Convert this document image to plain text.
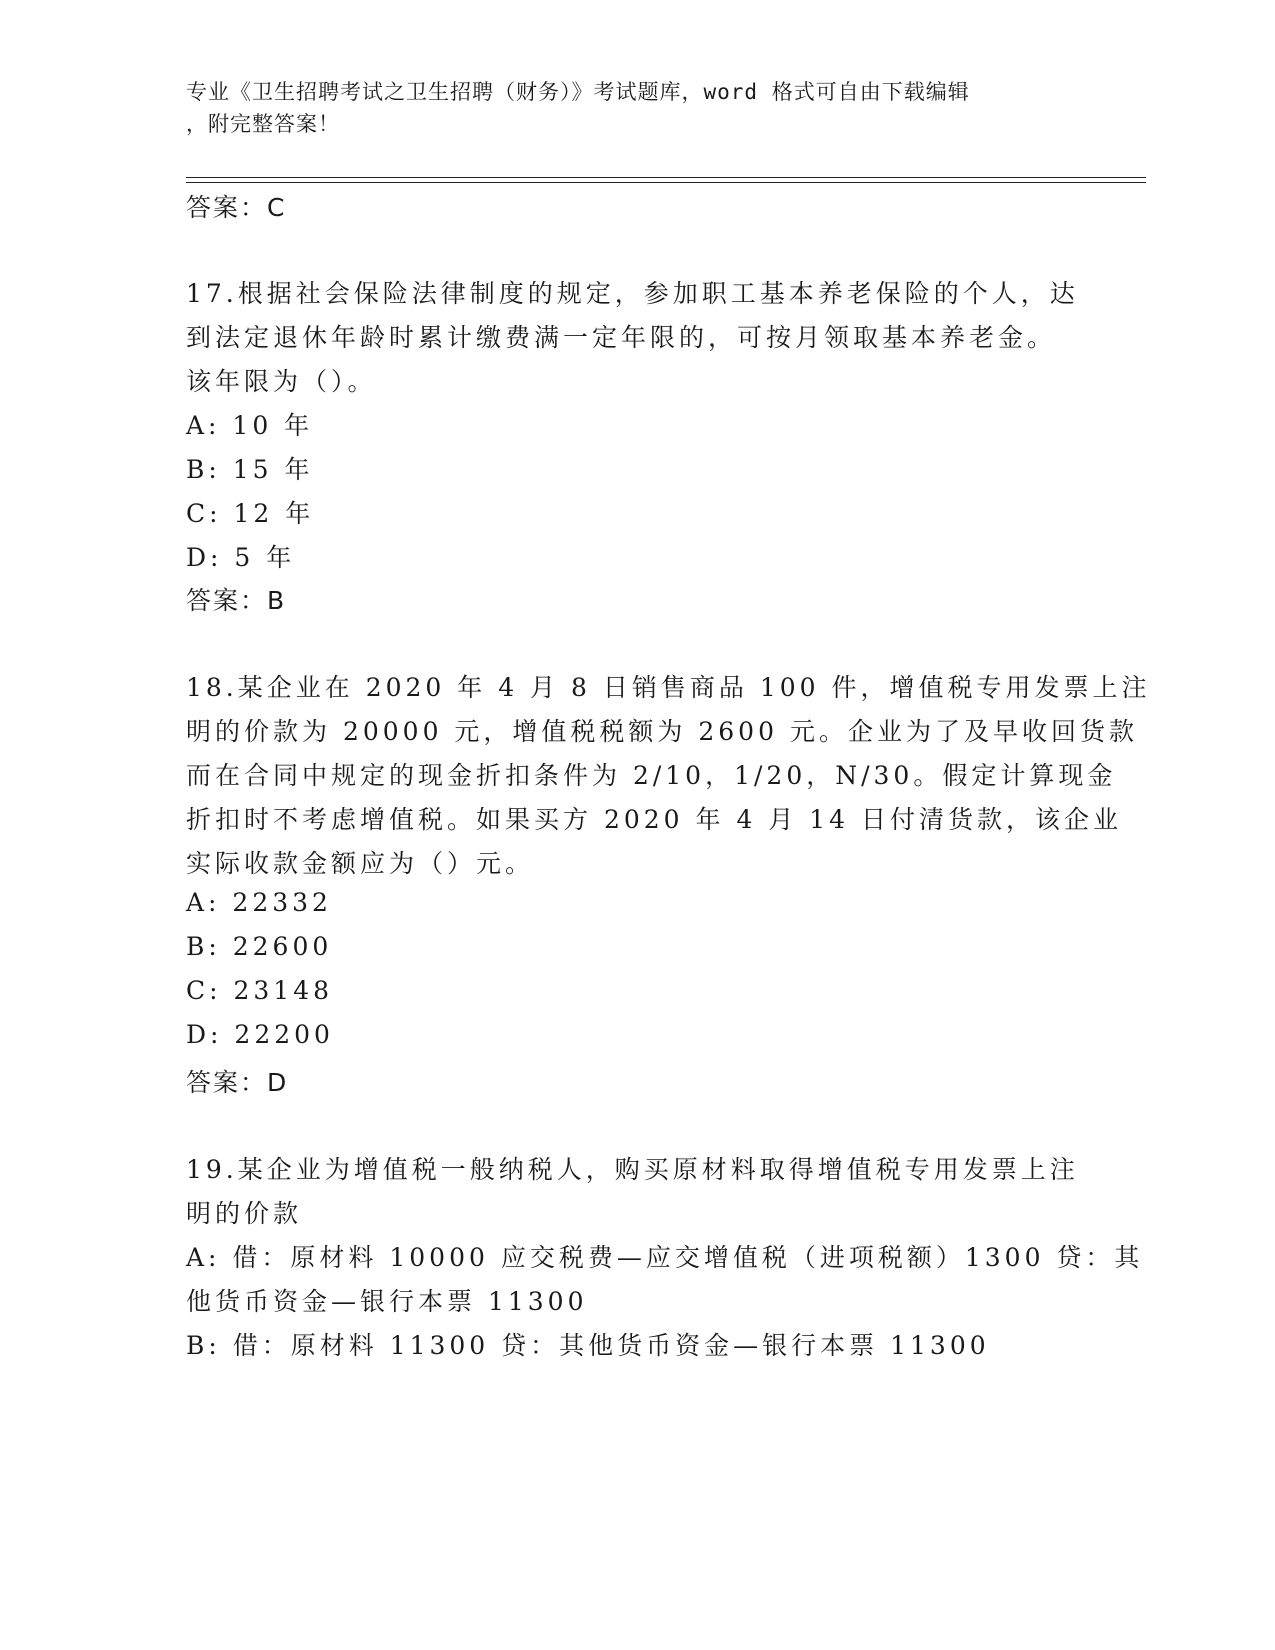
专业《卫生招聘考试之卫生招聘（财务）》考试题库，word 格式可自由下载编辑
，附完整答案！
答案：C
17.根据社会保险法律制度的规定，参加职工基本养老保险的个人，达
到法定退休年龄时累计缴费满一定年限的，可按月领取基本养老金。
该年限为（）。
A: 10 年
B: 15 年
C: 12 年
D: 5 年
答案：B
18.某企业在 2020 年 4 月 8 日销售商品 100 件，增值税专用发票上注
明的价款为 20000 元，增值税税额为 2600 元。企业为了及早收回货款
而在合同中规定的现金折扣条件为 2/10，1/20，N/30。假定计算现金
折扣时不考虑增值税。如果买方 2020 年 4 月 14 日付清货款，该企业
实际收款金额应为（）元。
A: 22332
B: 22600
C: 23148
D: 22200
答案：D
19.某企业为增值税一般纳税人，购买原材料取得增值税专用发票上注
明的价款
A: 借：原材料 10000 应交税费—应交增值税（进项税额）1300 贷：其
他货币资金—银行本票 11300
B: 借：原材料 11300 贷：其他货币资金—银行本票 11300
